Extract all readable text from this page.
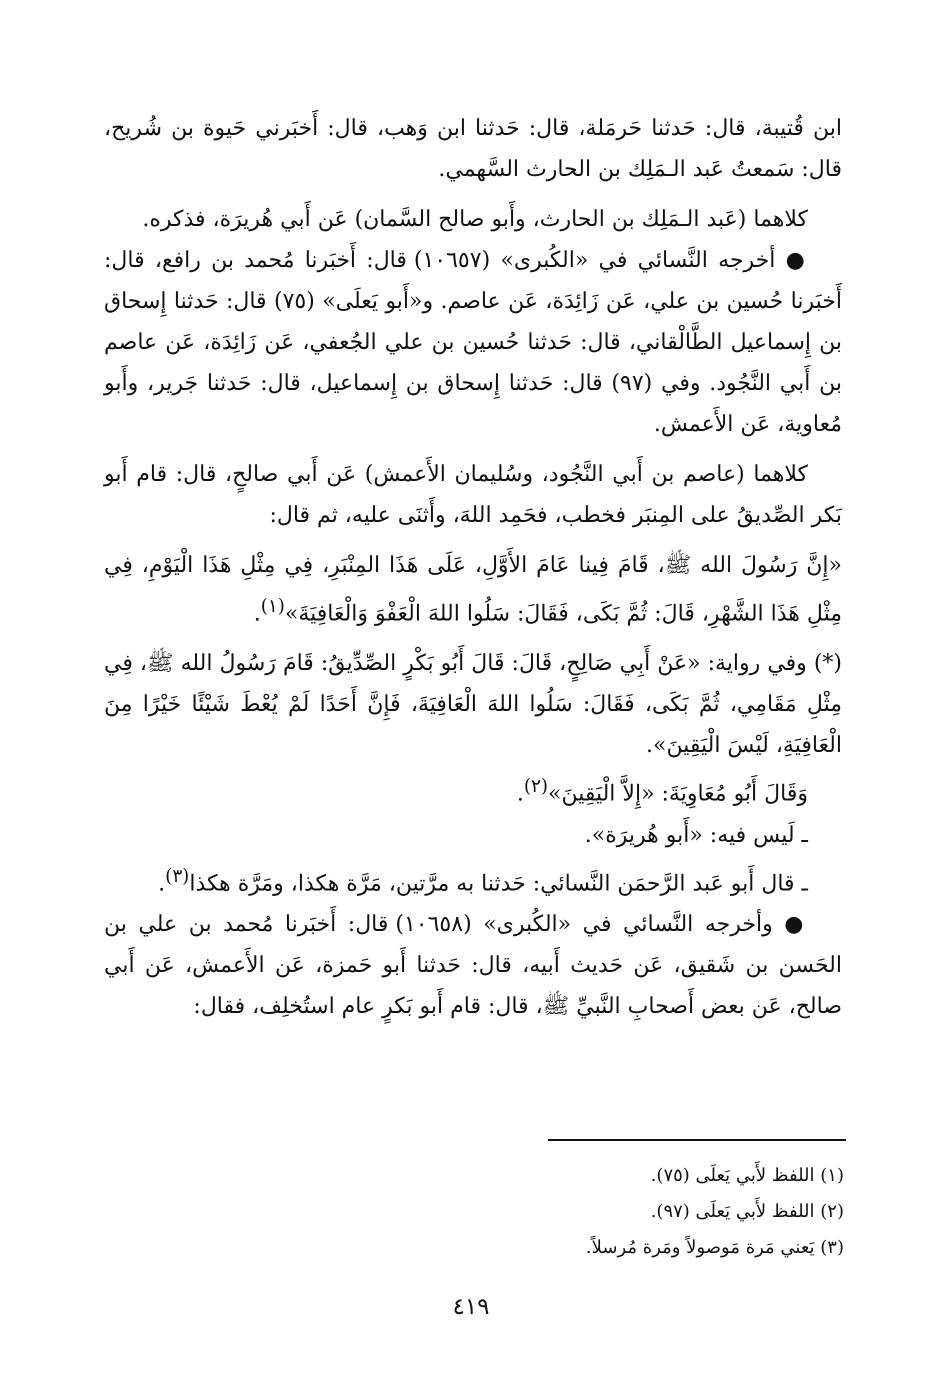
ابن قُتيبة، قال: حَدثنا حَرمَلة، قال: حَدثنا ابن وَهب، قال: أَخبَرني حَيوة بن شُريح، قال: سَمعتُ عَبد الـمَلِك بن الحارث السَّهمي.

كلاهما (عَبد الـمَلِك بن الحارث، وأَبو صالح السَّمان) عَن أَبي هُريرَة، فذكره.

● أخرجه النَّسائي في «الكُبرى» (١٠٦٥٧) قال: أَخبَرنا مُحمد بن رافع، قال: أَخبَرنا حُسين بن علي، عَن زَائِدَة، عَن عاصم. و«أَبو يَعلَى» (٧٥) قال: حَدثنا إِسحاق بن إِسماعيل الطَّالْقاني، قال: حَدثنا حُسين بن علي الجُعفي، عَن زَائِدَة، عَن عاصم بن أَبي النَّجُود. وفي (٩٧) قال: حَدثنا إِسحاق بن إِسماعيل، قال: حَدثنا جَرير، وأَبو مُعاوية، عَن الأَعمش.

كلاهما (عاصم بن أَبي النَّجُود، وسُليمان الأَعمش) عَن أَبي صالحٍ، قال: قام أَبو بَكر الصِّديقُ على المِنبَر فخطب، فحَمِد اللهَ، وأَثنَى عليه، ثم قال:

«إِنَّ رَسُولَ الله ﷺ، قَامَ فِينا عَامَ الأَوَّلِ، عَلَى هَذَا المِنْبَرِ، فِي مِثْلِ هَذَا الْيَوْمِ، فِي مِثْلِ هَذَا الشَّهْرِ، قَالَ: ثُمَّ بَكَى، فَقَالَ: سَلُوا اللهَ الْعَفْوَ وَالْعَافِيَةَ»$^{(١)}$.

(*) وفي رواية: «عَنْ أَبِي صَالِحٍ، قَالَ: قَالَ أَبُو بَكْرٍ الصِّدِّيقُ: قَامَ رَسُولُ الله ﷺ، فِي مِثْلِ مَقَامِي، ثُمَّ بَكَى، فَقَالَ: سَلُوا اللهَ الْعَافِيَةَ، فَإِنَّ أَحَدًا لَمْ يُعْطَ شَيْئًا خَيْرًا مِنَ الْعَافِيَةِ، لَيْسَ الْيَقِينَ».

وَقَالَ أَبُو مُعَاوِيَةَ: «إِلاَّ الْيَقِينَ»$^{(٢)}$.

ـ لَيس فيه: «أَبو هُريرَة».

ـ قال أَبو عَبد الرَّحمَن النَّسائي: حَدثنا به مرَّتين، مَرَّة هكذا، ومَرَّة هكذا$^{(٣)}$.

● وأخرجه النَّسائي في «الكُبرى» (١٠٦٥٨) قال: أَخبَرنا مُحمد بن علي بن الحَسن بن شَقيق، عَن حَديث أَبيه، قال: حَدثنا أَبو حَمزة، عَن الأَعمش، عَن أَبي صالح، عَن بعض أَصحابِ النَّبيِّ ﷺ، قال: قام أَبو بَكرٍ عام استُخلِف، فقال:

(١) اللفظ لأَبي يَعلَى (٧٥).

(٢) اللفظ لأَبي يَعلَى (٩٧).

(٣) يَعني مَرة مَوصولاً ومَرة مُرسلاً.

٤١٩
